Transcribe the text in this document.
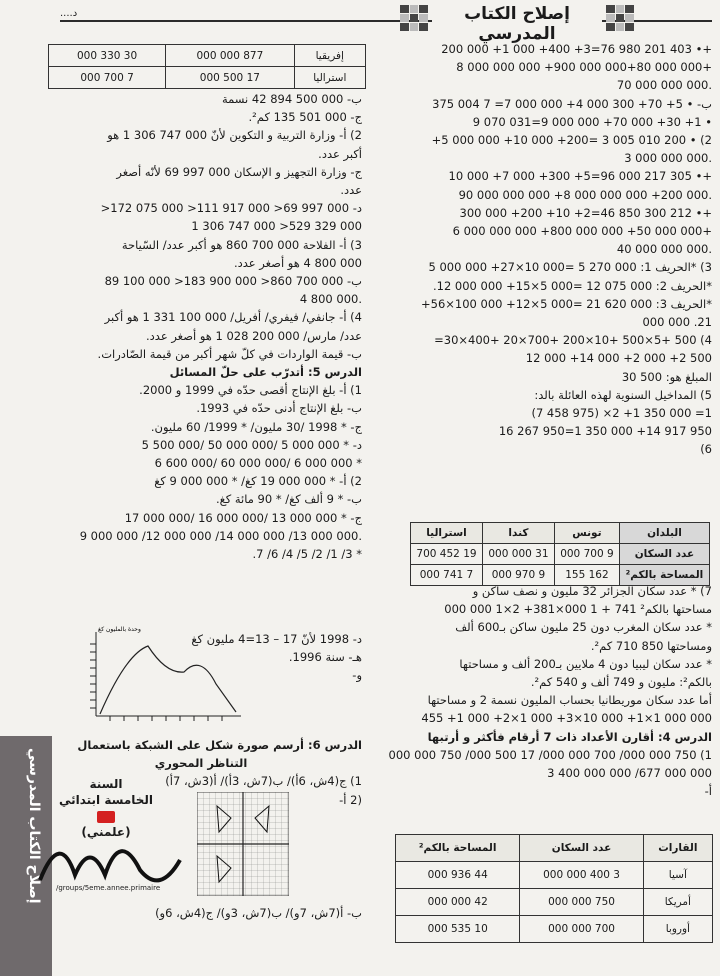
....د	إصلاح الكتاب المدرسي
200 000 +1 000 +400 +3=76 980 201 403 •+
8 000 000 000 +900 000 000+80 000 000+
70 000 000 000.
ب- • 5+ 70+ 300 000 4+ 000 000 7= 7 004 375
9 070 031=9 000 000 +70 000 +30 +1 •
2) • 200 010 005 3 =200+ 000 10+ 000 000 5+
3 000 000 000.
10 000 +7 000 +300 +5=96 000 217 305 •+
90 000 000 000 +8 000 000 000 +200 000.
300 000 +200 +10 +2=46 850 300 212 •+
6 000 000 000 +800 000 000 +50 000 000+
40 000 000 000.
3) *الحريف 1: 000 270 5 =000 10×27+ 000 000 5
*الحريف 2: 000 075 12 =000 5×15+ 000 000 12.
*الحريف 3: 000 620 21 =000 5×12+ 000 100×56+
21. 000 000
4) 500 +5×500 +10×200 +700×20 +400×30=
12 000 +14 000 +2 000 +2 500
المبلغ هو: 500 30
5) المداخيل السنوية لهذه العائلة بالد:
(7 458 975) ×2 +1 350 000 =1
16 267 950=1 350 000 +14 917 950
(6
البلدان	تونس	كندا	استراليا
عدد السكان	9 700 000	31 000 000	19 452 700
المساحة بالكم²	162 155	9 970 000	7 741 000
7) * عدد سكان الجزائر 32 مليون و نصف ساكن و
مساحتها بالكم² 741 + 1 000×381+ 2×1 000 000
* عدد سكان المغرب دون 25 مليون ساكن بـ600 ألف
ومساحتها 850 710 كم².
* عدد سكان ليبيا دون 4 ملايين بـ200 ألف و مساحتها
بالكم²: مليون و 749 ألف و 540 كم².
أما عدد سكان موريطانيا بحساب المليون نسمة 2 و مساحتها
455 +1 000 +2×1 000 +3×10 000 +1×1 000 000
الدرس 4: أقارن الأعداد ذات 7 أرقام فأكثر و أرتبها
1) 750 000 000/ 700 000 000/ 17 500 000/ 750 000 000
3 400 000 000 /677 000 000
أ-
القارات	عدد السكان	المساحة بالكم²
آسيا	3 400 000 000	44 936 000
أمريكا	750 000 000	42 000 000
أوروبا	700 000 000	10 535 000
إفريقيا	877 000 000	30 330 000
استراليا	17 500 000	7 700 000
ب- 000 500 894 42 نسمة
ج- 000 501 135 كم².
2) أ- وزارة التربية و التكوين لأنّ 000 747 306 1 هو
أكبر عدد.
ج- وزارة التجهيز و الإسكان 000 997 69 لأنّه أصغر
عدد.
د- 000 997 69< 000 917 111< 000 075 172<
1 306 747 000 >529 329 000
3) أ- الفلاحة 000 700 860 هو أكبر عدد/ السّياحة
000 800 4 هو أصغر عدد.
ب- 000 700 860< 000 900 183< 000 100 89
4 800 000.
4) أ- جانفي/ فيفري/ أفريل/ 000 100 331 1 هو أكبر
عدد/ مارس/ 000 200 028 1 هو أصغر عدد.
ب- قيمة الواردات في كلّ شهر أكبر من قيمة الصّادرات.
الدرس 5: أتدرّب على حلّ المسائل
1) أ- بلغ الإنتاج أقصى حدّه في 1999 و 2000.
ب- بلغ الإنتاج أدنى حدّه في 1993.
ج- * 1998 /30 مليون/ * 1999/ 60 مليون.
د- * 000 000 5 /000 000 50 /000 500 5
* 000 000 6 /000 000 60 /000 600 6
2) أ- * 000 000 19 كغ/ * 000 000 9 كغ
ب- * 9 ألف كغ/ * 90 مائة كغ.
ج- * 000 000 13 /000 000 16 /000 000 17
9 000 000 /12 000 000 /14 000 000 /13 000 000.
* 3/ 1/ 2/ 5/ 4/ 6/ 7.
وحدة بالمليون كغ
د- 1998 لأنّ 17 – 13=4 مليون كغ
هـ- سنة 1996.
و-
الدرس 6: أرسم صورة شكل على الشبكة باستعمال
التناظر المحوري
1) ج(4ش، 6أ)/ ب(7ش، 3أ)/ أ(3ش، 7أ)
(2 أ-
ب- أ(7ش، 7و)/ ب(7ش، 3و)/ ج(4ش، 6و)
إصلاح الكتاب المدرسي	السنة
الخامسة ابتدائي
(علمني)
/groups/5eme.annee.primaire
